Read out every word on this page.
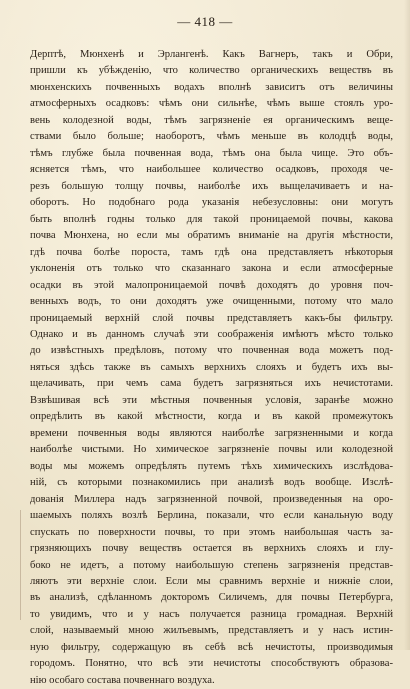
— 418 —
Дерптѣ, Мюнхенѣ и Эрлангенѣ. Какъ Вагнеръ, такъ и Обри,
пришли къ убѣжденію, что количество органическихъ веществъ въ
мюнхенскихъ почвенныхъ водахъ вполнѣ зависитъ отъ величины
атмосферныхъ осадковъ: чѣмъ они сильнѣе, чѣмъ выше стоялъ уро-
вень колодезной воды, тѣмъ загрязненіе ея органическимъ веще-
ствами было больше; наоборотъ, чѣмъ меньше въ колодцѣ воды,
тѣмъ глубже была почвенная вода, тѣмъ она была чище. Это объ-
ясняется тѣмъ, что наибольшее количество осадковъ, проходя че-
резъ большую толщу почвы, наиболѣе ихъ выщелачиваетъ и на-
оборотъ. Но подобнаго рода указанія небезусловны: они могутъ
быть вполнѣ годны только для такой проницаемой почвы, какова
почва Мюнхена, но если мы обратимъ вниманіе на другія мѣстности,
гдѣ почва болѣе пороста, тамъ гдѣ она представляетъ нѣкоторыя
уклоненія отъ только что сказаннаго закона и если атмосферные
осадки въ этой малопроницаемой почвѣ доходятъ до уровня поч-
венныхъ водъ, то они доходятъ уже очищенными, потому что мало
проницаемый верхній слой почвы представляетъ какъ-бы фильтру.
Однако и въ данномъ случаѣ эти соображенія имѣютъ мѣсто только
до извѣстныхъ предѣловъ, потому что почвенная вода можетъ под-
няться здѣсь также въ самыхъ верхнихъ слояхъ и будетъ ихъ вы-
щелачивать, при чемъ сама будетъ загрязняться ихъ нечистотами.
Взвѣшивая всѣ эти мѣстныя почвенныя условія, заранѣе можно
опредѣлить въ какой мѣстности, когда и въ какой промежутокъ
времени почвенныя воды являются наиболѣе загрязненными и когда
наиболѣе чистыми. Но химическое загрязненіе почвы или колодезной
воды мы можемъ опредѣлять путемъ тѣхъ химическихъ изслѣдова-
ній, съ которыми познакомились при анализѣ водъ вообще. Изслѣ-
дованія Миллера надъ загрязненной почвой, произведенныя на оро-
шаемыхъ поляхъ возлѣ Берлина, показали, что если канальную воду
спускать по поверхности почвы, то при этомъ наибольшая часть за-
грязняющихъ почву веществъ остается въ верхнихъ слояхъ и глу-
боко не идетъ, а потому наибольшую степень загрязненія представ-
ляютъ эти верхніе слои. Если мы сравнимъ верхніе и нижніе слои,
въ анализѣ, сдѣланномъ докторомъ Силичемъ, для почвы Петербурга,
то увидимъ, что и у насъ получается разница громадная. Верхній
слой, называемый мною жилъевымъ, представляетъ и у насъ истин-
ную фильтру, содержащую въ себѣ всѣ нечистоты, производимыя
городомъ. Понятно, что всѣ эти нечистоты способствуютъ образова-
нію особаго состава почвеннаго воздуха.
